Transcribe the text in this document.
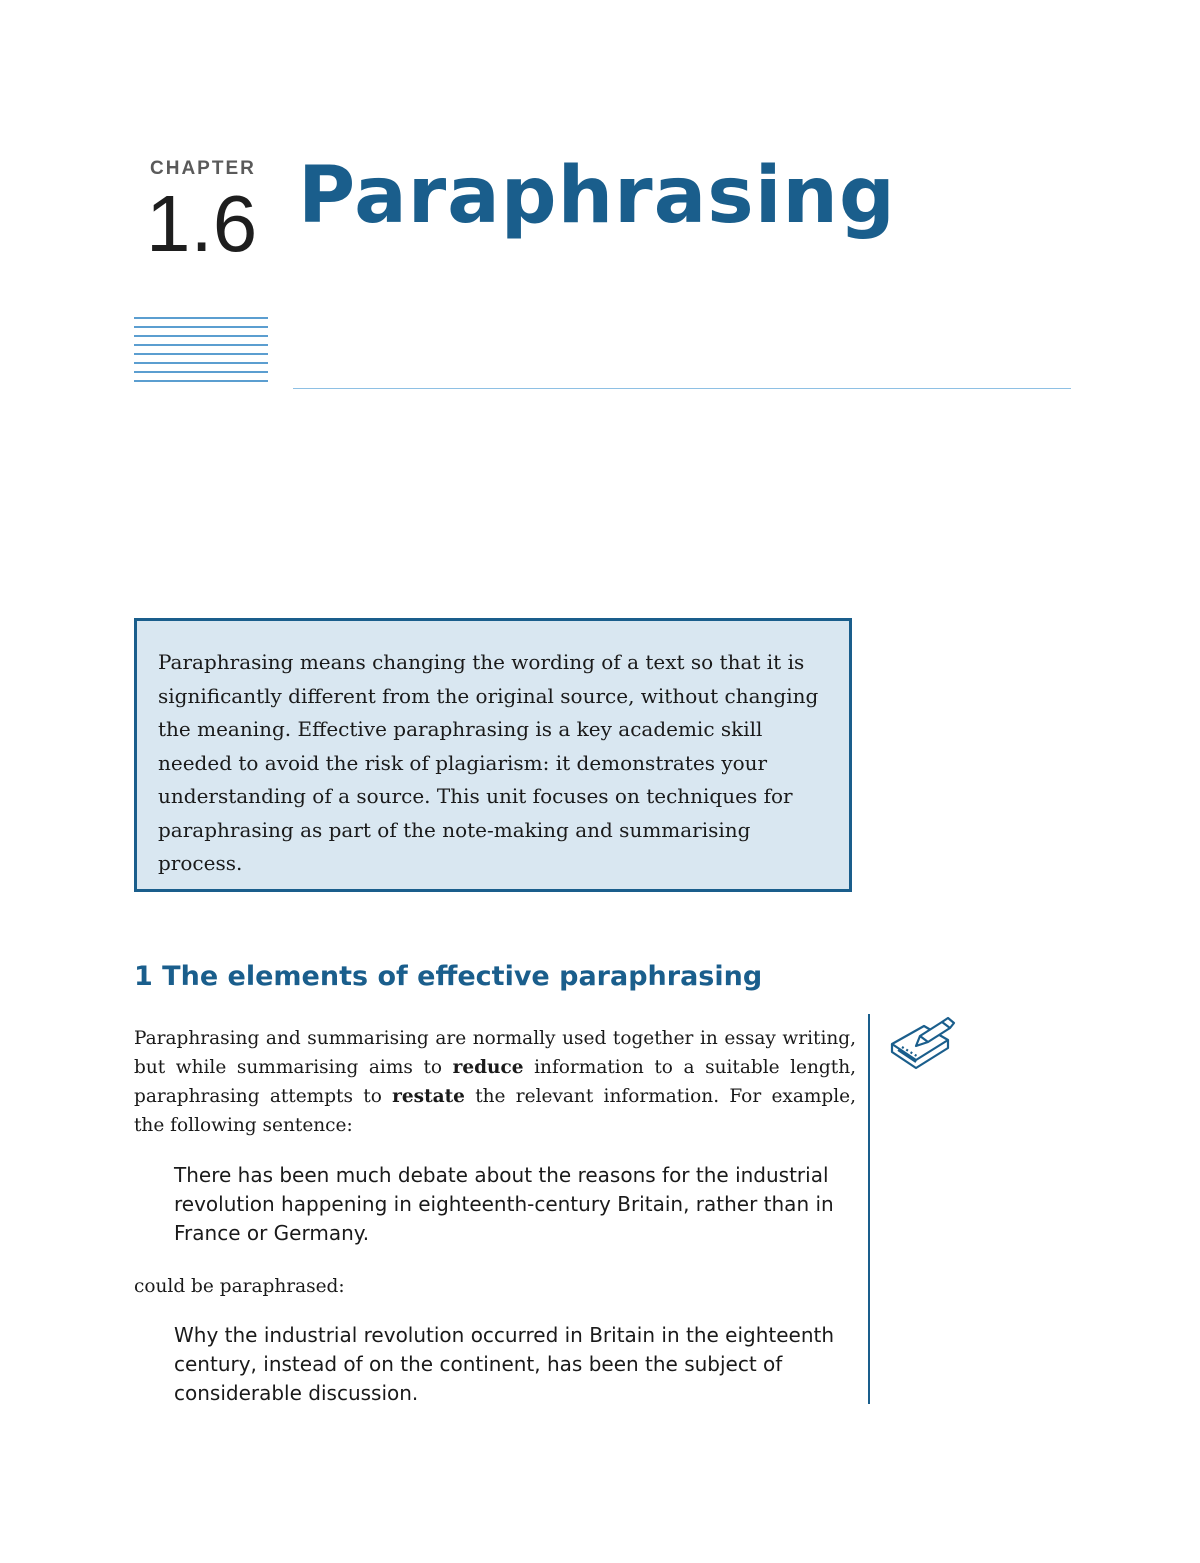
CHAPTER
1.6 Paraphrasing

Paraphrasing means changing the wording of a text so that it is significantly different from the original source, without changing the meaning. Effective paraphrasing is a key academic skill needed to avoid the risk of plagiarism: it demonstrates your understanding of a source. This unit focuses on techniques for paraphrasing as part of the note-making and summarising process.

1 The elements of effective paraphrasing

Paraphrasing and summarising are normally used together in essay writing, but while summarising aims to reduce information to a suitable length, paraphrasing attempts to restate the relevant information. For example, the following sentence:

There has been much debate about the reasons for the industrial revolution happening in eighteenth-century Britain, rather than in France or Germany.

could be paraphrased:

Why the industrial revolution occurred in Britain in the eighteenth century, instead of on the continent, has been the subject of considerable discussion.
